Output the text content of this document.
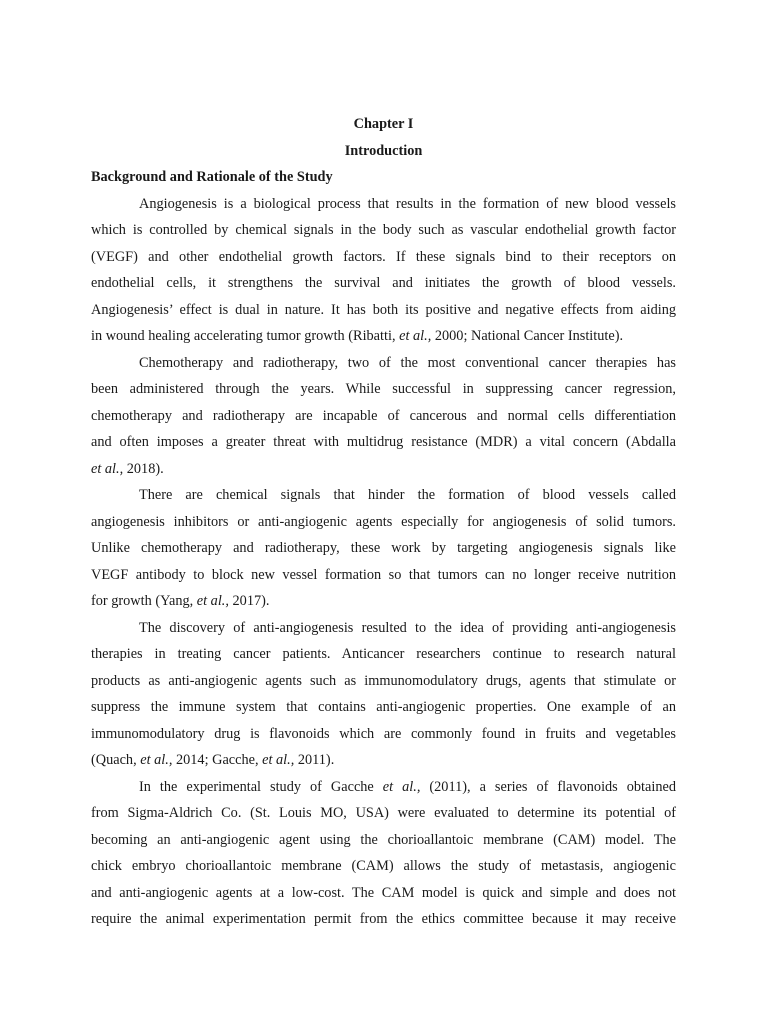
Chapter I
Introduction
Background and Rationale of the Study
Angiogenesis is a biological process that results in the formation of new blood vessels
which is controlled by chemical signals in the body such as vascular endothelial growth factor
(VEGF) and other endothelial growth factors. If these signals bind to their receptors on
endothelial cells, it strengthens the survival and initiates the growth of blood vessels.
Angiogenesis’ effect is dual in nature. It has both its positive and negative effects from aiding
in wound healing accelerating tumor growth (Ribatti, et al., 2000; National Cancer Institute).
Chemotherapy and radiotherapy, two of the most conventional cancer therapies has
been administered through the years. While successful in suppressing cancer regression,
chemotherapy and radiotherapy are incapable of cancerous and normal cells differentiation
and often imposes a greater threat with multidrug resistance (MDR) a vital concern (Abdalla
et al., 2018).
There are chemical signals that hinder the formation of blood vessels called
angiogenesis inhibitors or anti-angiogenic agents especially for angiogenesis of solid tumors.
Unlike chemotherapy and radiotherapy, these work by targeting angiogenesis signals like
VEGF antibody to block new vessel formation so that tumors can no longer receive nutrition
for growth (Yang, et al., 2017).
The discovery of anti-angiogenesis resulted to the idea of providing anti-angiogenesis
therapies in treating cancer patients. Anticancer researchers continue to research natural
products as anti-angiogenic agents such as immunomodulatory drugs, agents that stimulate or
suppress the immune system that contains anti-angiogenic properties. One example of an
immunomodulatory drug is flavonoids which are commonly found in fruits and vegetables
(Quach, et al., 2014; Gacche, et al., 2011).
In the experimental study of Gacche et al., (2011), a series of flavonoids obtained
from Sigma-Aldrich Co. (St. Louis MO, USA) were evaluated to determine its potential of
becoming an anti-angiogenic agent using the chorioallantoic membrane (CAM) model. The
chick embryo chorioallantoic membrane (CAM) allows the study of metastasis, angiogenic
and anti-angiogenic agents at a low-cost. The CAM model is quick and simple and does not
require the animal experimentation permit from the ethics committee because it may receive
